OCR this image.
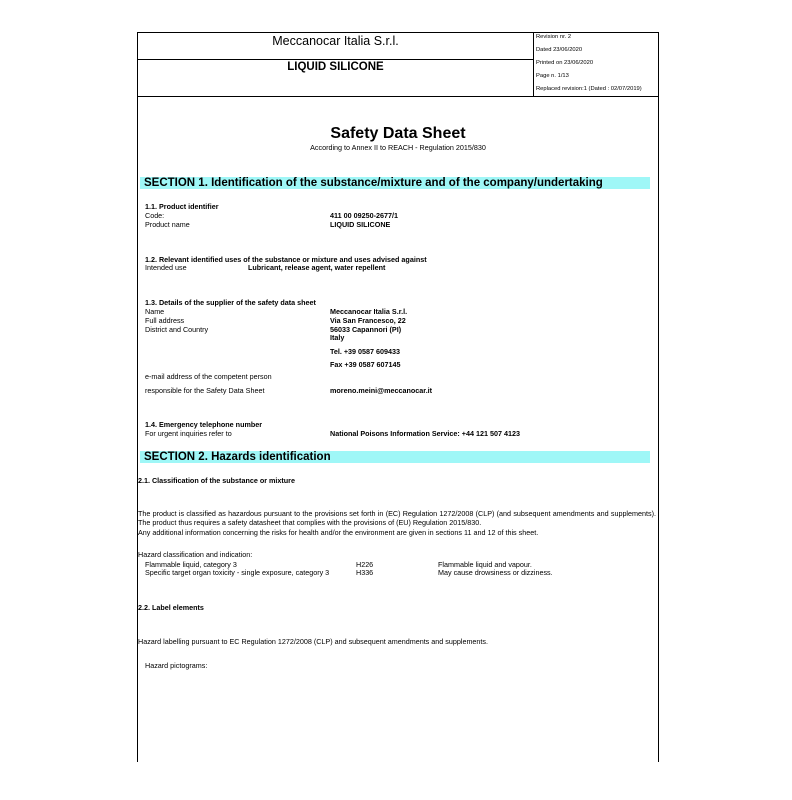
Meccanocar Italia S.r.l.
LIQUID SILICONE
Revision nr. 2
Dated 23/06/2020
Printed on 23/06/2020
Page n. 1/13
Replaced revision:1 (Dated : 02/07/2019)
Safety Data Sheet
According to Annex II to REACH - Regulation 2015/830
SECTION 1. Identification of the substance/mixture and of the company/undertaking
1.1. Product identifier
Code:	411 00 09250-2677/1
Product name	LIQUID SILICONE
1.2. Relevant identified uses of the substance or mixture and uses advised against
Intended use	Lubricant, release agent, water repellent
1.3. Details of the supplier of the safety data sheet
Name	Meccanocar Italia S.r.l.
Full address	Via San Francesco, 22
District and Country	56033 Capannori (PI)
Italy
Tel. +39 0587 609433
Fax +39 0587 607145
e-mail address of the competent person
responsible for the Safety Data Sheet	moreno.meini@meccanocar.it
1.4. Emergency telephone number
For urgent inquiries refer to	National Poisons Information Service: +44 121 507 4123
SECTION 2. Hazards identification
2.1. Classification of the substance or mixture
The product is classified as hazardous pursuant to the provisions set forth in (EC) Regulation 1272/2008 (CLP) (and subsequent amendments and supplements). The product thus requires a safety datasheet that complies with the provisions of (EU) Regulation 2015/830.
Any additional information concerning the risks for health and/or the environment are given in sections 11 and 12 of this sheet.
Hazard classification and indication:
Flammable liquid, category 3	H226	Flammable liquid and vapour.
Specific target organ toxicity - single exposure, category 3	H336	May cause drowsiness or dizziness.
2.2. Label elements
Hazard labelling pursuant to EC Regulation 1272/2008 (CLP) and subsequent amendments and supplements.
Hazard pictograms:
